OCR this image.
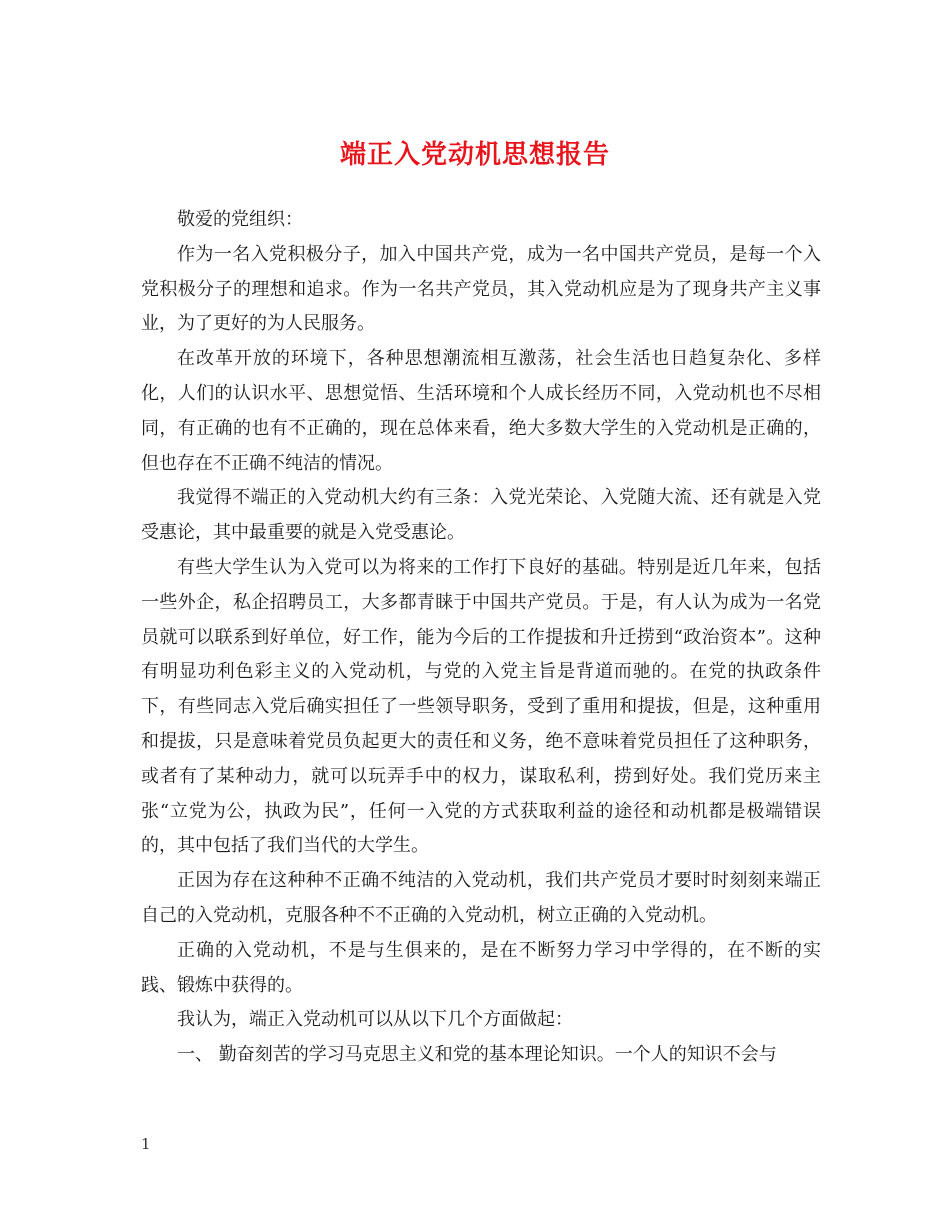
端正入党动机思想报告

敬爱的党组织：

作为一名入党积极分子，加入中国共产党，成为一名中国共产党员，是每一个入党积极分子的理想和追求。作为一名共产党员，其入党动机应是为了现身共产主义事业，为了更好的为人民服务。

在改革开放的环境下，各种思想潮流相互激荡，社会生活也日趋复杂化、多样化，人们的认识水平、思想觉悟、生活环境和个人成长经历不同，入党动机也不尽相同，有正确的也有不正确的，现在总体来看，绝大多数大学生的入党动机是正确的，但也存在不正确不纯洁的情况。

我觉得不端正的入党动机大约有三条：入党光荣论、入党随大流、还有就是入党受惠论，其中最重要的就是入党受惠论。

有些大学生认为入党可以为将来的工作打下良好的基础。特别是近几年来，包括一些外企，私企招聘员工，大多都青睐于中国共产党员。于是，有人认为成为一名党员就可以联系到好单位，好工作，能为今后的工作提拔和升迁捞到“政治资本”。这种有明显功利色彩主义的入党动机，与党的入党主旨是背道而驰的。在党的执政条件下，有些同志入党后确实担任了一些领导职务，受到了重用和提拔，但是，这种重用和提拔，只是意味着党员负起更大的责任和义务，绝不意味着党员担任了这种职务，或者有了某种动力，就可以玩弄手中的权力，谋取私利，捞到好处。我们党历来主张“立党为公，执政为民”，任何一入党的方式获取利益的途径和动机都是极端错误的，其中包括了我们当代的大学生。

正因为存在这种种不正确不纯洁的入党动机，我们共产党员才要时时刻刻来端正自己的入党动机，克服各种不不正确的入党动机，树立正确的入党动机。

正确的入党动机，不是与生俱来的，是在不断努力学习中学得的，在不断的实践、锻炼中获得的。

我认为，端正入党动机可以从以下几个方面做起：

一、 勤奋刻苦的学习马克思主义和党的基本理论知识。一个人的知识不会与

1
